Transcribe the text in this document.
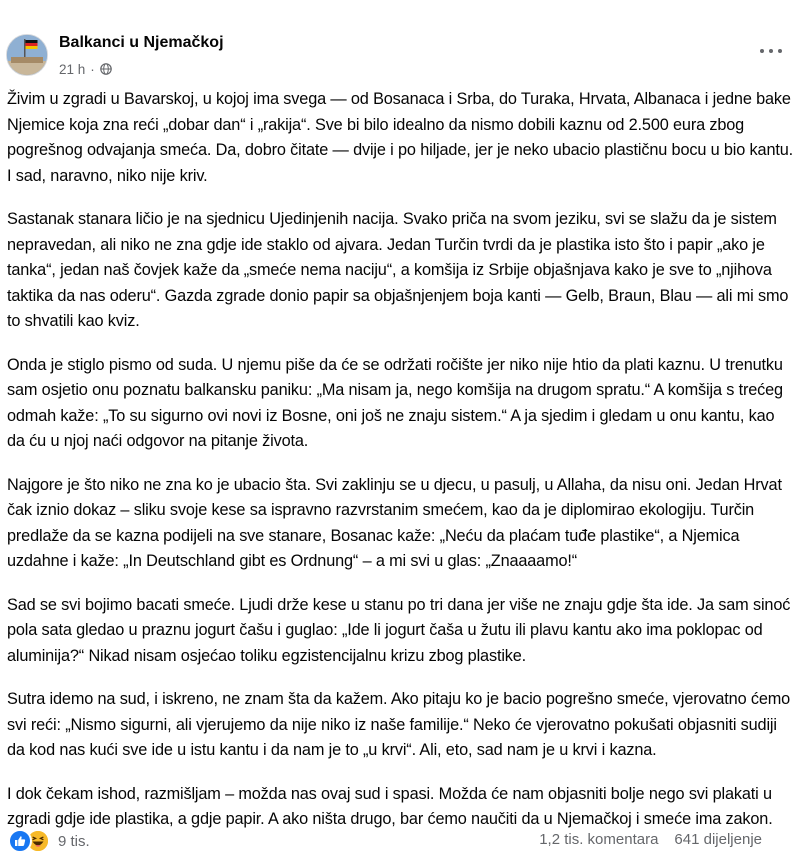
Balkanci u Njemačkoj
21 h ·

Živim u zgradi u Bavarskoj, u kojoj ima svega — od Bosanaca i Srba, do Turaka, Hrvata, Albanaca i jedne bake Njemice koja zna reći „dobar dan“ i „rakija“. Sve bi bilo idealno da nismo dobili kaznu od 2.500 eura zbog pogrešnog odvajanja smeća. Da, dobro čitate — dvije i po hiljade, jer je neko ubacio plastičnu bocu u bio kantu. I sad, naravno, niko nije kriv.

Sastanak stanara ličio je na sjednicu Ujedinjenih nacija. Svako priča na svom jeziku, svi se slažu da je sistem nepravedan, ali niko ne zna gdje ide staklo od ajvara. Jedan Turčin tvrdi da je plastika isto što i papir „ako je tanka“, jedan naš čovjek kaže da „smeće nema naciju“, a komšija iz Srbije objašnjava kako je sve to „njihova taktika da nas oderu“. Gazda zgrade donio papir sa objašnjenjem boja kanti — Gelb, Braun, Blau — ali mi smo to shvatili kao kviz.

Onda je stiglo pismo od suda. U njemu piše da će se održati ročište jer niko nije htio da plati kaznu. U trenutku sam osjetio onu poznatu balkansku paniku: „Ma nisam ja, nego komšija na drugom spratu.“ A komšija s trećeg odmah kaže: „To su sigurno ovi novi iz Bosne, oni još ne znaju sistem.“ A ja sjedim i gledam u onu kantu, kao da ću u njoj naći odgovor na pitanje života.

Najgore je što niko ne zna ko je ubacio šta. Svi zaklinju se u djecu, u pasulj, u Allaha, da nisu oni. Jedan Hrvat čak iznio dokaz – sliku svoje kese sa ispravno razvrstanim smećem, kao da je diplomirao ekologiju. Turčin predlaže da se kazna podijeli na sve stanare, Bosanac kaže: „Neću da plaćam tuđe plastike“, a Njemica uzdahne i kaže: „In Deutschland gibt es Ordnung“ – a mi svi u glas: „Znaaaamo!“

Sad se svi bojimo bacati smeće. Ljudi drže kese u stanu po tri dana jer više ne znaju gdje šta ide. Ja sam sinoć pola sata gledao u praznu jogurt čašu i guglao: „Ide li jogurt čaša u žutu ili plavu kantu ako ima poklopac od aluminija?“ Nikad nisam osjećao toliku egzistencijalnu krizu zbog plastike.

Sutra idemo na sud, i iskreno, ne znam šta da kažem. Ako pitaju ko je bacio pogrešno smeće, vjerovatno ćemo svi reći: „Nismo sigurni, ali vjerujemo da nije niko iz naše familije.“ Neko će vjerovatno pokušati objasniti sudiji da kod nas kući sve ide u istu kantu i da nam je to „u krvi“. Ali, eto, sad nam je u krvi i kazna.

I dok čekam ishod, razmišljam – možda nas ovaj sud i spasi. Možda će nam objasniti bolje nego svi plakati u zgradi gdje ide plastika, a gdje papir. A ako ništa drugo, bar ćemo naučiti da u Njemačkoj i smeće ima zakon.

9 tis.	1,2 tis. komentara 641 dijeljenje
